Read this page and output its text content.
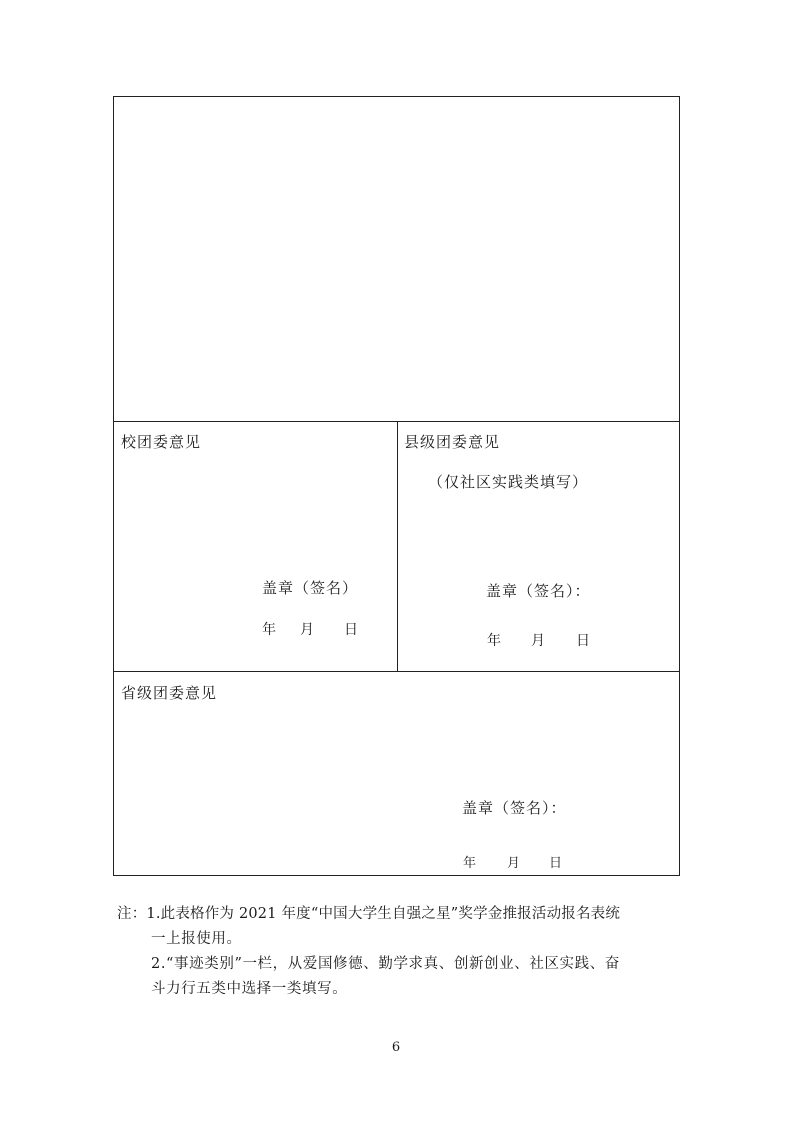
校团委意见
盖章（签名）
年 月 日
县级团委意见
（仅社区实践类填写）
盖章（签名）：
年 月 日
省级团委意见
盖章（签名）：
年 月 日
注：1.此表格作为 2021 年度“中国大学生自强之星”奖学金推报活动报名表统
一上报使用。
2.“事迹类别”一栏，从爱国修德、勤学求真、创新创业、社区实践、奋
斗力行五类中选择一类填写。
6
